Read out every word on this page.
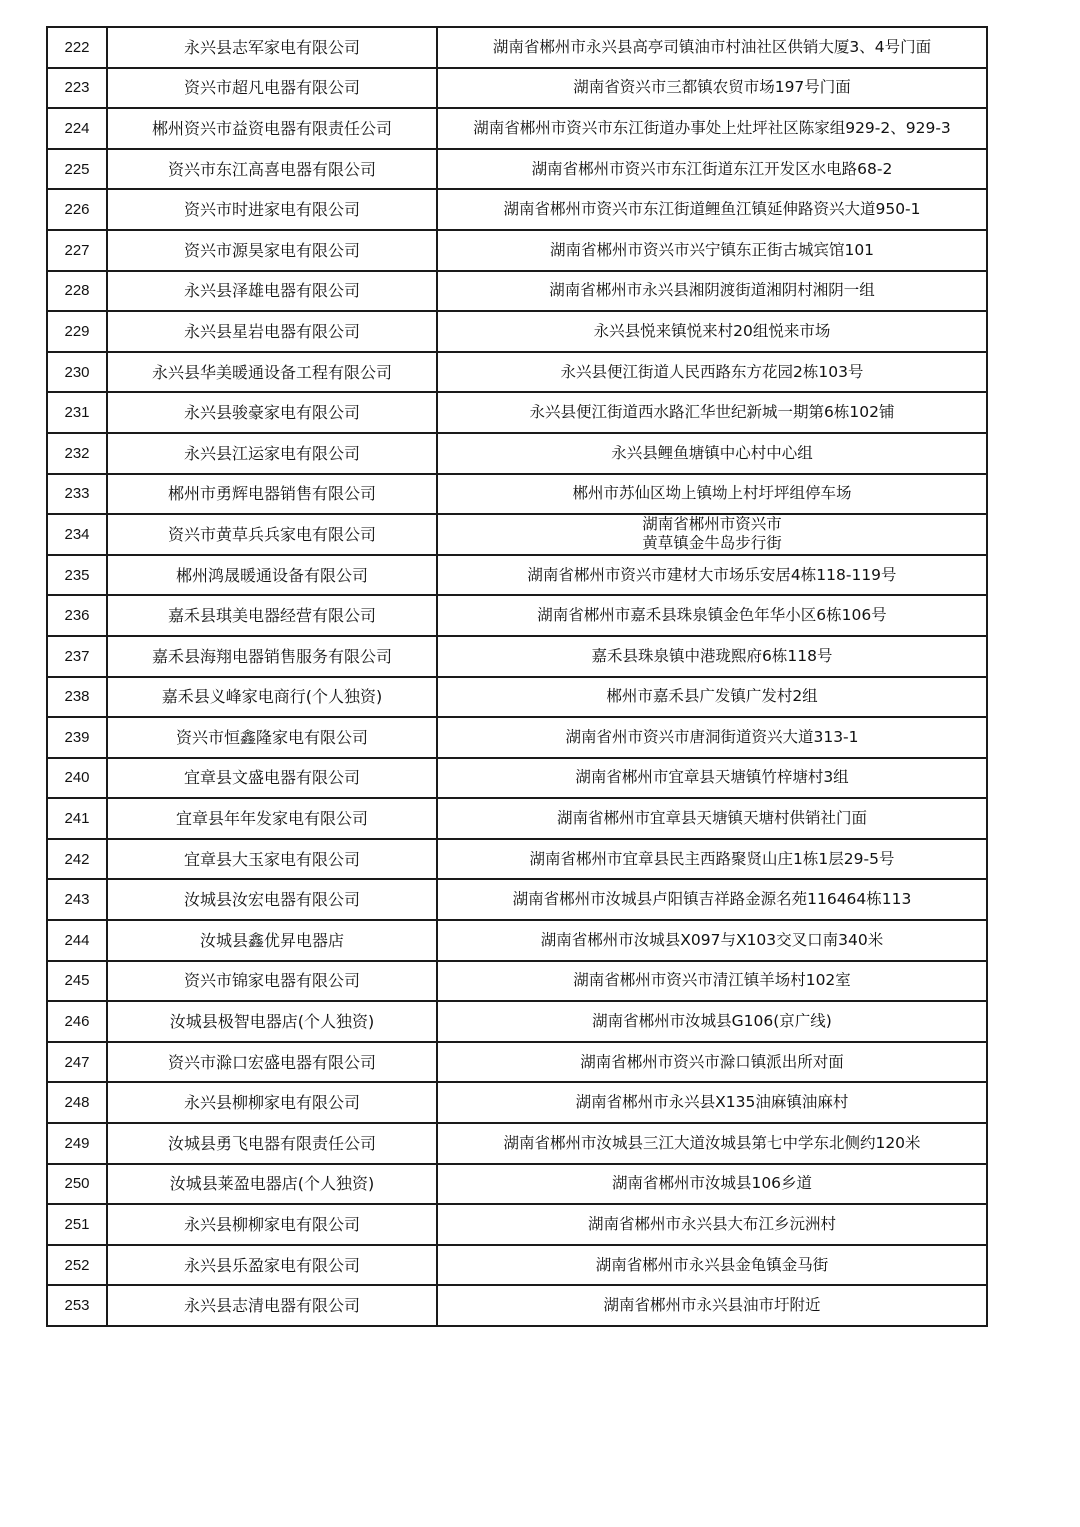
222	永兴县志军家电有限公司	湖南省郴州市永兴县高亭司镇油市村油社区供销大厦3、4号门面
223	资兴市超凡电器有限公司	湖南省资兴市三都镇农贸市场197号门面
224	郴州资兴市益资电器有限责任公司	湖南省郴州市资兴市东江街道办事处上灶坪社区陈家组929-2、929-3
225	资兴市东江高喜电器有限公司	湖南省郴州市资兴市东江街道东江开发区水电路68-2
226	资兴市时进家电有限公司	湖南省郴州市资兴市东江街道鲤鱼江镇延伸路资兴大道950-1
227	资兴市源昊家电有限公司	湖南省郴州市资兴市兴宁镇东正街古城宾馆101
228	永兴县泽雄电器有限公司	湖南省郴州市永兴县湘阴渡街道湘阴村湘阴一组
229	永兴县星岩电器有限公司	永兴县悦来镇悦来村20组悦来市场
230	永兴县华美暖通设备工程有限公司	永兴县便江街道人民西路东方花园2栋103号
231	永兴县骏豪家电有限公司	永兴县便江街道西水路汇华世纪新城一期第6栋102铺
232	永兴县江运家电有限公司	永兴县鲤鱼塘镇中心村中心组
233	郴州市勇辉电器销售有限公司	郴州市苏仙区坳上镇坳上村圩坪组停车场
234	资兴市黄草兵兵家电有限公司	湖南省郴州市资兴市
黄草镇金牛岛步行街
235	郴州鸿晟暖通设备有限公司	湖南省郴州市资兴市建材大市场乐安居4栋118-119号
236	嘉禾县琪美电器经营有限公司	湖南省郴州市嘉禾县珠泉镇金色年华小区6栋106号
237	嘉禾县海翔电器销售服务有限公司	嘉禾县珠泉镇中港珑熙府6栋118号
238	嘉禾县义峰家电商行(个人独资)	郴州市嘉禾县广发镇广发村2组
239	资兴市恒鑫隆家电有限公司	湖南省州市资兴市唐洞街道资兴大道313-1
240	宜章县文盛电器有限公司	湖南省郴州市宜章县天塘镇竹梓塘村3组
241	宜章县年年发家电有限公司	湖南省郴州市宜章县天塘镇天塘村供销社门面
242	宜章县大玉家电有限公司	湖南省郴州市宜章县民主西路聚贤山庄1栋1层29-5号
243	汝城县汝宏电器有限公司	湖南省郴州市汝城县卢阳镇吉祥路金源名苑116464栋113
244	汝城县鑫优昇电器店	湖南省郴州市汝城县X097与X103交叉口南340米
245	资兴市锦家电器有限公司	湖南省郴州市资兴市清江镇羊场村102室
246	汝城县极智电器店(个人独资)	湖南省郴州市汝城县G106(京广线)
247	资兴市滁口宏盛电器有限公司	湖南省郴州市资兴市滁口镇派出所对面
248	永兴县柳柳家电有限公司	湖南省郴州市永兴县X135油麻镇油麻村
249	汝城县勇飞电器有限责任公司	湖南省郴州市汝城县三江大道汝城县第七中学东北侧约120米
250	汝城县莱盈电器店(个人独资)	湖南省郴州市汝城县106乡道
251	永兴县柳柳家电有限公司	湖南省郴州市永兴县大布江乡沅洲村
252	永兴县乐盈家电有限公司	湖南省郴州市永兴县金龟镇金马街
253	永兴县志清电器有限公司	湖南省郴州市永兴县油市圩附近
